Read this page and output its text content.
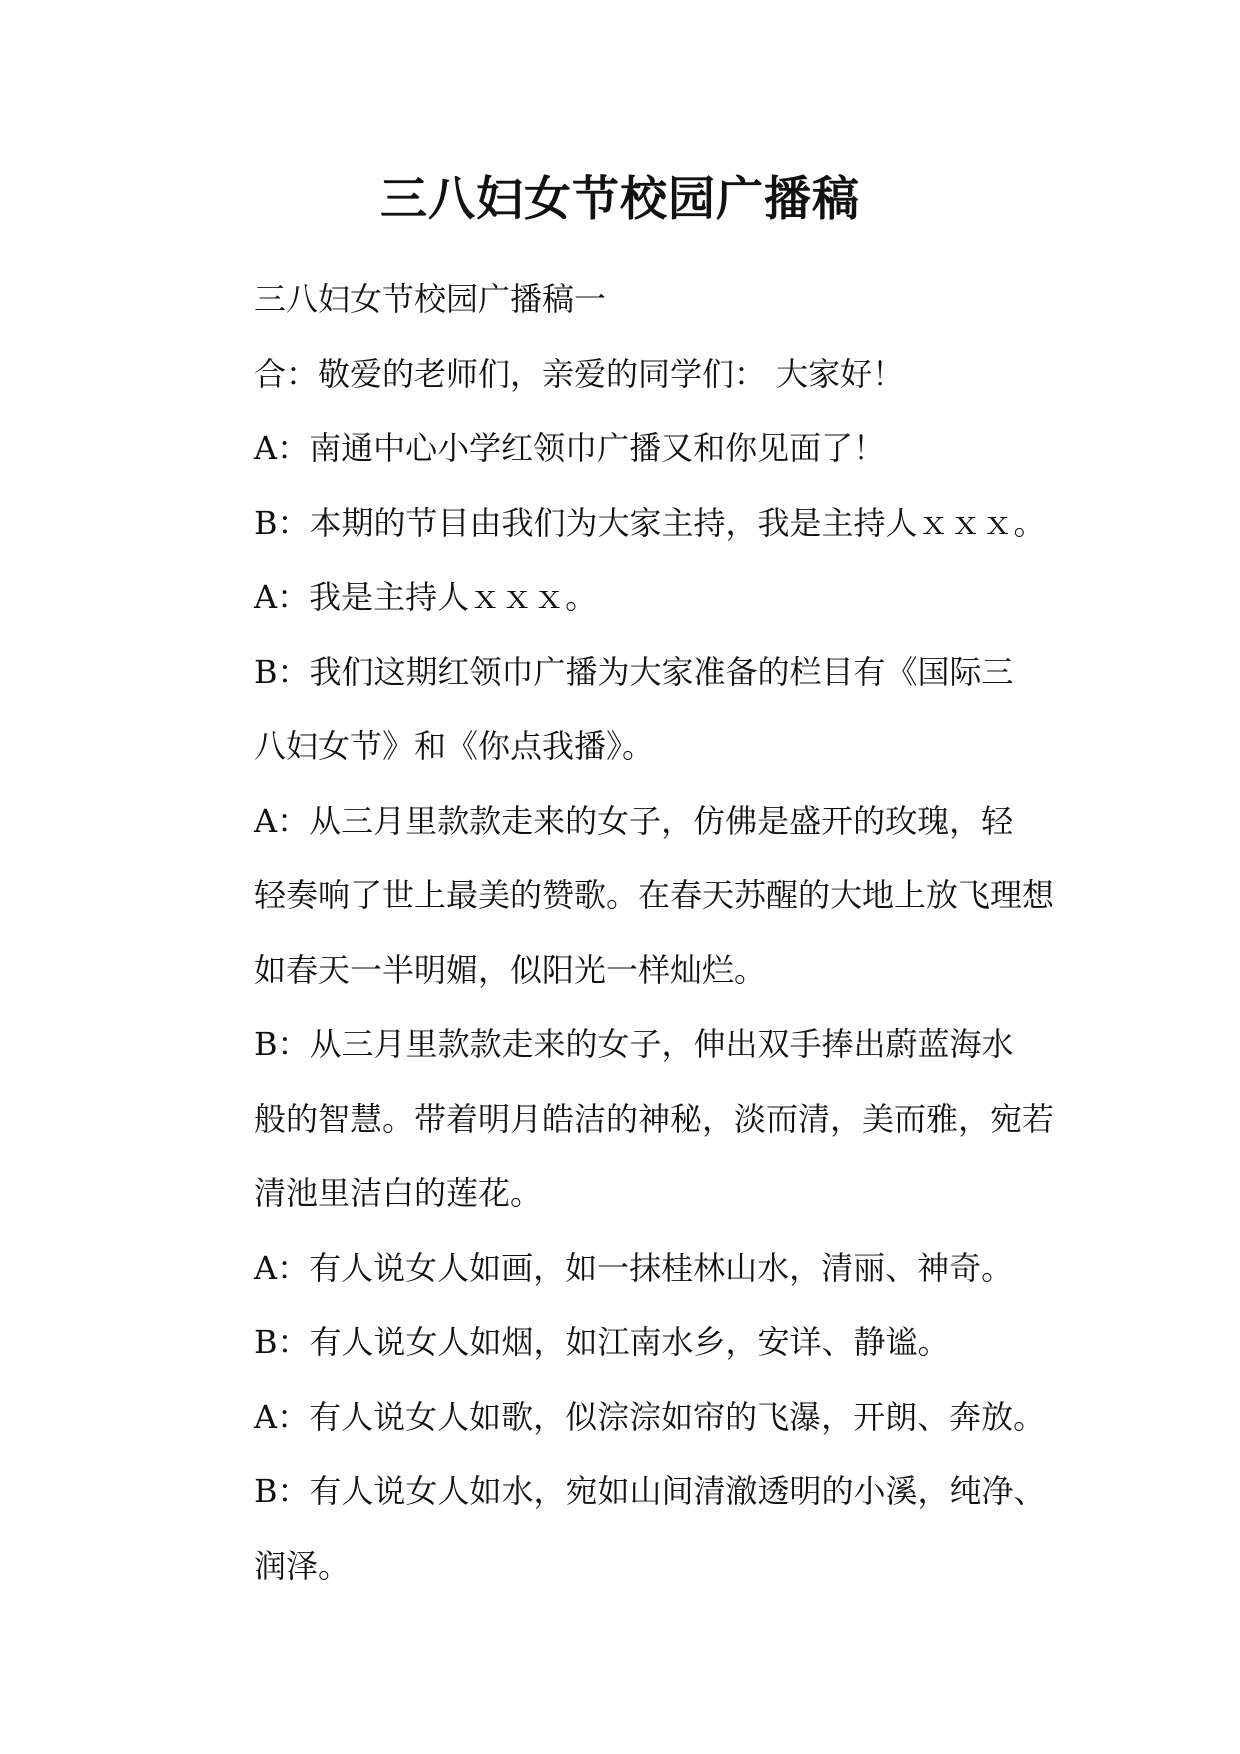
三八妇女节校园广播稿

三八妇女节校园广播稿一

合：敬爱的老师们，亲爱的同学们： 大家好！

A：南通中心小学红领巾广播又和你见面了！

B：本期的节目由我们为大家主持，我是主持人ｘｘｘ。

A：我是主持人ｘｘｘ。

B：我们这期红领巾广播为大家准备的栏目有《国际三
八妇女节》和《你点我播》。

A：从三月里款款走来的女子，仿佛是盛开的玫瑰，轻
轻奏响了世上最美的赞歌。在春天苏醒的大地上放飞理想
如春天一半明媚，似阳光一样灿烂。

B：从三月里款款走来的女子，伸出双手捧出蔚蓝海水
般的智慧。带着明月皓洁的神秘，淡而清，美而雅，宛若
清池里洁白的莲花。

A：有人说女人如画，如一抹桂林山水，清丽、神奇。

B：有人说女人如烟，如江南水乡，安详、静谧。

A：有人说女人如歌，似淙淙如帘的飞瀑，开朗、奔放。

B：有人说女人如水，宛如山间清澈透明的小溪，纯净、
润泽。
